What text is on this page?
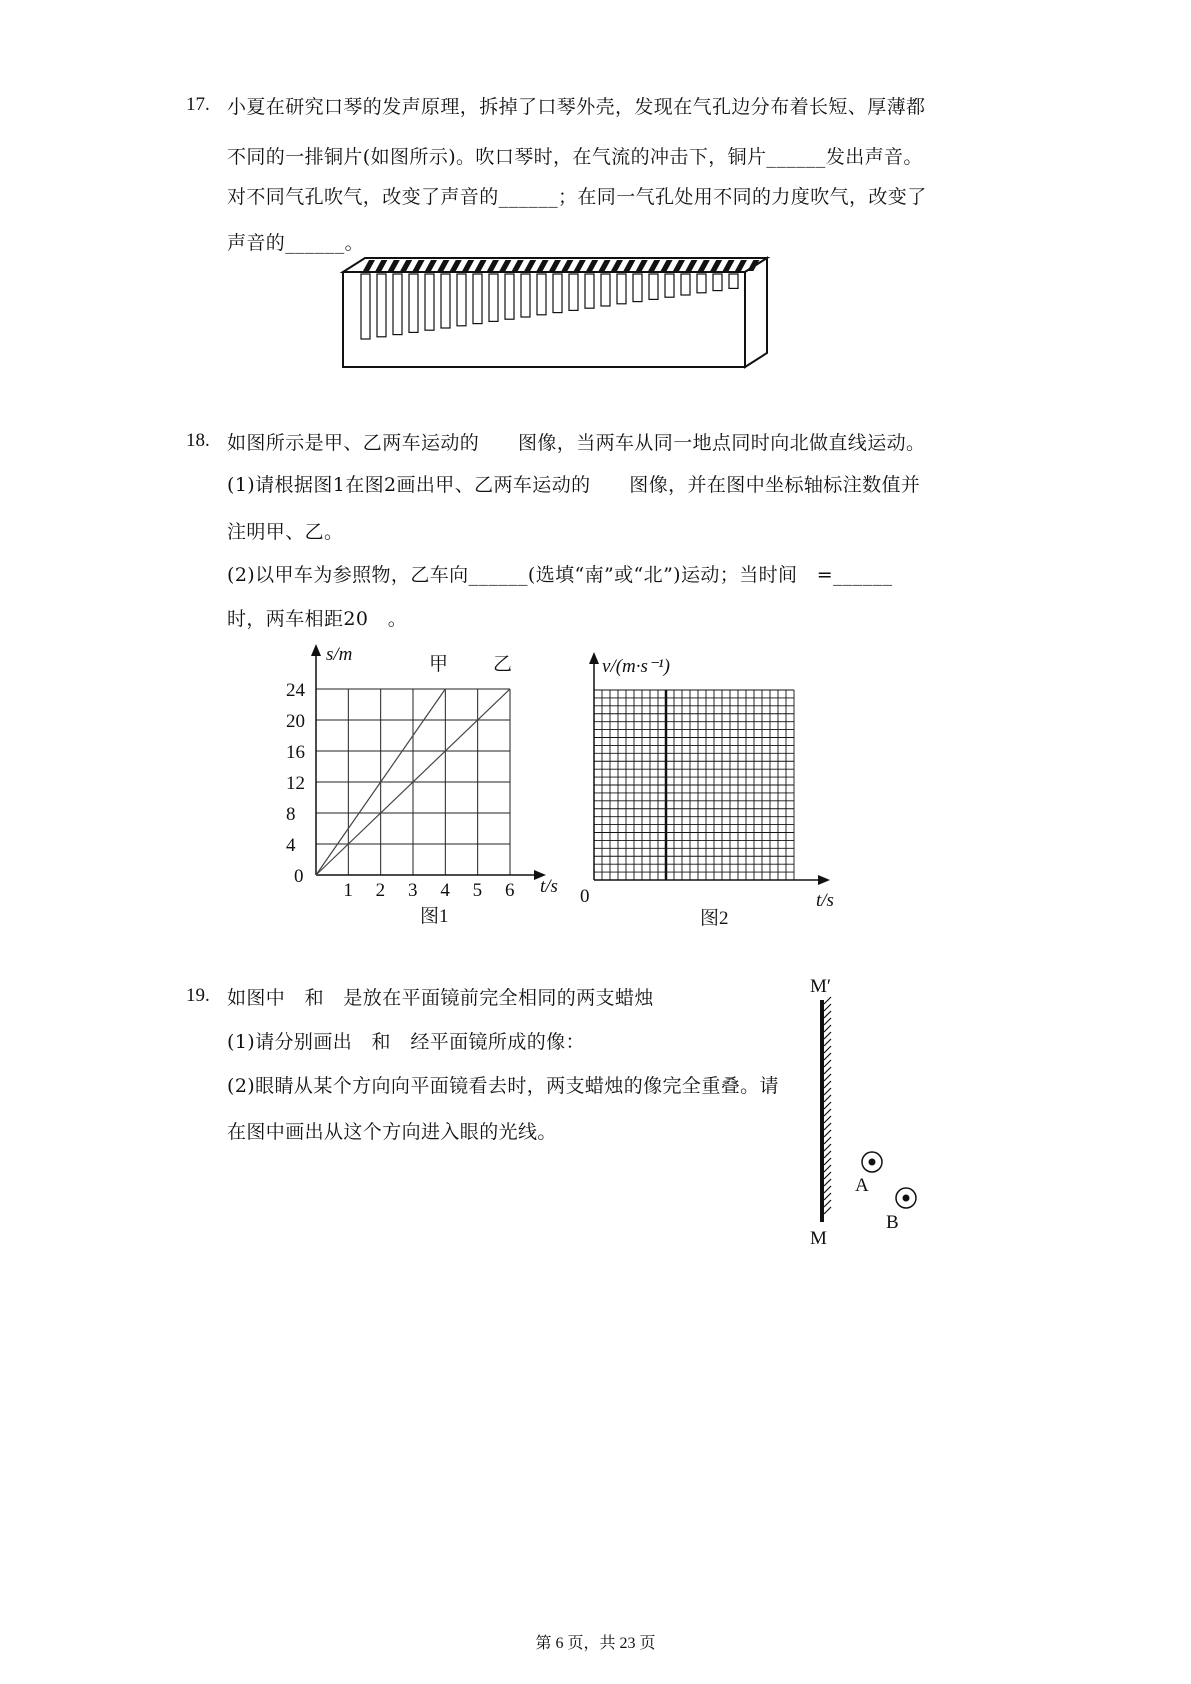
17. 小夏在研究口琴的发声原理，拆掉了口琴外壳，发现在气孔边分布着长短、厚薄都
不同的一排铜片(如图所示)。吹口琴时，在气流的冲击下，铜片______发出声音。
对不同气孔吹气，改变了声音的______；在同一气孔处用不同的力度吹气，改变了
声音的______。
18. 如图所示是甲、乙两车运动的　　图像，当两车从同一地点同时向北做直线运动。
(1)请根据图1在图2画出甲、乙两车运动的　　图像，并在图中坐标轴标注数值并
注明甲、乙。
(2)以甲车为参照物，乙车向______(选填“南”或“北”)运动；当时间　=______
时，两车相距20　。
1 2 3 4 5 6
4
8
12
16
20
24
s/m
t/s
0
甲 乙
图1
v/(m·s⁻¹)
t/s
0
图2
19. 如图中　和　是放在平面镜前完全相同的两支蜡烛
(1)请分别画出　和　经平面镜所成的像：
(2)眼睛从某个方向向平面镜看去时，两支蜡烛的像完全重叠。请
在图中画出从这个方向进入眼的光线。
M′
M
A
B
第 6 页，共 23 页
